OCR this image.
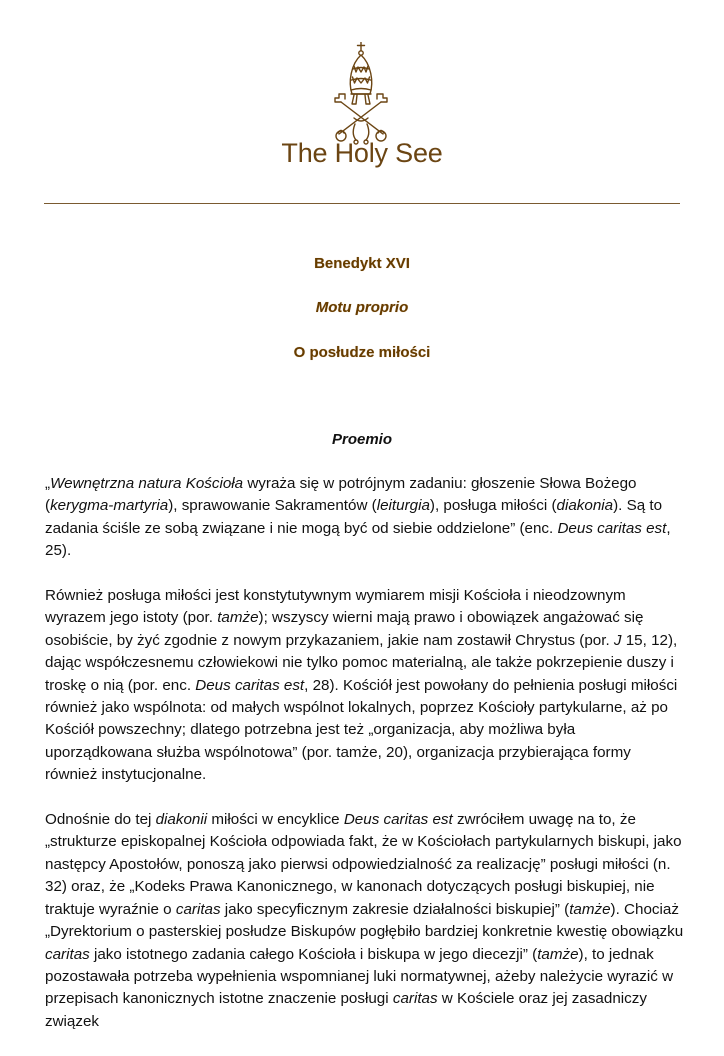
The Holy See
Benedykt XVI
Motu proprio
O posłudze miłości
Proemio

„Wewnętrzna natura Kościoła wyraża się w potrójnym zadaniu: głoszenie Słowa Bożego (kerygma-martyria), sprawowanie Sakramentów (leiturgia), posługa miłości (diakonia). Są to zadania ściśle ze sobą związane i nie mogą być od siebie oddzielone” (enc. Deus caritas est, 25).

Również posługa miłości jest konstytutywnym wymiarem misji Kościoła i nieodzownym wyrazem jego istoty (por. tamże); wszyscy wierni mają prawo i obowiązek angażować się osobiście, by żyć zgodnie z nowym przykazaniem, jakie nam zostawił Chrystus (por. J 15, 12), dając współczesnemu człowiekowi nie tylko pomoc materialną, ale także pokrzepienie duszy i troskę o nią (por. enc. Deus caritas est, 28). Kościół jest powołany do pełnienia posługi miłości również jako wspólnota: od małych wspólnot lokalnych, poprzez Kościoły partykularne, aż po Kościół powszechny; dlatego potrzebna jest też „organizacja, aby możliwa była uporządkowana służba wspólnotowa” (por. tamże, 20), organizacja przybierająca formy również instytucjonalne.

Odnośnie do tej diakonii miłości w encyklice Deus caritas est zwróciłem uwagę na to, że „strukturze episkopalnej Kościoła odpowiada fakt, że w Kościołach partykularnych biskupi, jako następcy Apostołów, ponoszą jako pierwsi odpowiedzialność za realizację” posługi miłości (n. 32) oraz, że „Kodeks Prawa Kanonicznego, w kanonach dotyczących posługi biskupiej, nie traktuje wyraźnie o caritas jako specyficznym zakresie działalności biskupiej” (tamże). Chociaż „Dyrektorium o pasterskiej posłudze Biskupów pogłębiło bardziej konkretnie kwestię obowiązku caritas jako istotnego zadania całego Kościoła i biskupa w jego diecezji” (tamże), to jednak pozostawała potrzeba wypełnienia wspomnianej luki normatywnej, ażeby należycie wyrazić w przepisach kanonicznych istotne znaczenie posługi caritas w Kościele oraz jej zasadniczy związek
